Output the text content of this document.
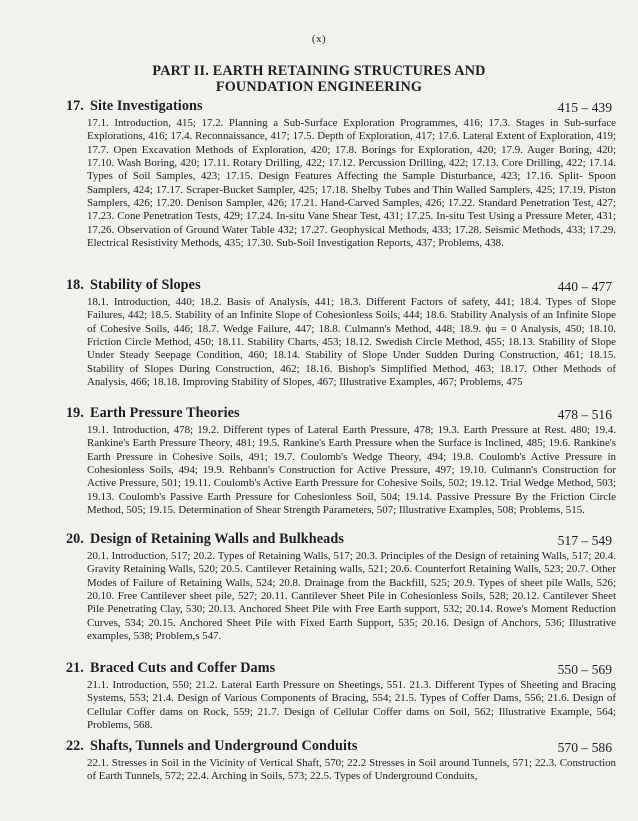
(x)
PART II. EARTH RETAINING STRUCTURES AND
FOUNDATION ENGINEERING
17. Site Investigations	415 – 439
17.1. Introduction, 415; 17.2. Planning a Sub-Surface Exploration Programmes, 416; 17.3. Stages in Sub-surface Explorations, 416; 17.4. Reconnaissance, 417; 17.5. Depth of Exploration, 417; 17.6. Lateral Extent of Exploration, 419; 17.7. Open Excavation Methods of Exploration, 420; 17.8. Borings for Exploration, 420; 17.9. Auger Boring, 420; 17.10. Wash Boring, 420; 17.11. Rotary Drilling, 422; 17.12. Percussion Drilling, 422; 17.13. Core Drilling, 422; 17.14. Types of Soil Samples, 423; 17.15. Design Features Affecting the Sample Disturbance, 423; 17.16. Split- Spoon Samplers, 424; 17.17. Scraper-Bucket Sampler, 425; 17.18. Shelby Tubes and Thin Walled Samplers, 425; 17.19. Piston Samplers, 426; 17.20. Denison Sampler, 426; 17.21. Hand-Carved Samples, 426; 17.22. Standard Penetration Test, 427; 17.23. Cone Penetration Tests, 429; 17.24. In-situ Vane Shear Test, 431; 17.25. In-situ Test Using a Pressure Meter, 431; 17.26. Observation of Ground Water Table 432; 17.27. Geophysical Methods, 433; 17.28. Seismic Methods, 433; 17.29. Electrical Resistivity Methods, 435; 17.30. Sub-Soil Investigation Reports, 437; Problems, 438.
18. Stability of Slopes	440 – 477
18.1. Introduction, 440; 18.2. Basis of Analysis, 441; 18.3. Different Factors of safety, 441; 18.4. Types of Slope Failures, 442; 18.5. Stability of an Infinite Slope of Cohesionless Soils, 444; 18.6. Stability Analysis of an Infinite Slope of Cohesive Soils, 446; 18.7. Wedge Failure, 447; 18.8. Culmann's Method, 448; 18.9. ϕu = 0 Analysis, 450; 18.10. Friction Circle Method, 450; 18.11. Stability Charts, 453; 18.12. Swedish Circle Method, 455; 18.13. Stability of Slope Under Steady Seepage Condition, 460; 18.14. Stability of Slope Under Sudden During Construction, 461; 18.15. Stability of Slopes During Construction, 462; 18.16. Bishop's Simplified Method, 463; 18.17. Other Methods of Analysis, 466; 18.18. Improving Stability of Slopes, 467; Illustrative Examples, 467; Problems, 475
19. Earth Pressure Theories	478 – 516
19.1. Introduction, 478; 19.2. Different types of Lateral Earth Pressure, 478; 19.3. Earth Pressure at Rest. 480; 19.4. Rankine's Earth Pressure Theory, 481; 19.5. Rankine's Earth Pressure when the Surface is Inclined, 485; 19.6. Rankine's Earth Pressure in Cohesive Soils, 491; 19.7. Coulomb's Wedge Theory, 494; 19.8. Coulomb's Active Pressure in Cohesionless Soils, 494; 19.9. Rehbann's Construction for Active Pressure, 497; 19.10. Culmann's Construction for Active Pressure, 501; 19.11. Coulomb's Active Earth Pressure for Cohesive Soils, 502; 19.12. Trial Wedge Method, 503; 19.13. Coulomb's Passive Earth Pressure for Cohesionless Soil, 504; 19.14. Passive Pressure By the Friction Circle Method, 505; 19.15. Determination of Shear Strength Parameters, 507; Illustrative Examples, 508; Problems, 515.
20. Design of Retaining Walls and Bulkheads	517 – 549
20.1. Introduction, 517; 20.2. Types of Retaining Walls, 517; 20.3. Principles of the Design of retaining Walls, 517; 20.4. Gravity Retaining Walls, 520; 20.5. Cantilever Retaining walls, 521; 20.6. Counterfort Retaining Walls, 523; 20.7. Other Modes of Failure of Retaining Walls, 524; 20.8. Drainage from the Backfill, 525; 20.9. Types of sheet pile Walls, 526; 20.10. Free Cantilever sheet pile, 527; 20.11. Cantilever Sheet Pile in Cohesionless Soils, 528; 20.12. Cantilever Sheet Pile Penetrating Clay, 530; 20.13. Anchored Sheet Pile with Free Earth support, 532; 20.14. Rowe's Moment Reduction Curves, 534; 20.15. Anchored Sheet Pile with Fixed Earth Support, 535; 20.16. Design of Anchors, 536; Illustrative examples, 538; Problem,s 547.
21. Braced Cuts and Coffer Dams	550 – 569
21.1. Introduction, 550; 21.2. Lateral Earth Pressure on Sheetings, 551. 21.3. Different Types of Sheeting and Bracing Systems, 553; 21.4. Design of Various Components of Bracing, 554; 21.5. Types of Coffer Dams, 556; 21.6. Design of Cellular Coffer dams on Rock, 559; 21.7. Design of Cellular Coffer dams on Soil, 562; Illustrative Example, 564; Problems, 568.
22. Shafts, Tunnels and Underground Conduits	570 – 586
22.1. Stresses in Soil in the Vicinity of Vertical Shaft, 570; 22.2 Stresses in Soil around Tunnels, 571; 22.3. Construction of Earth Tunnels, 572; 22.4. Arching in Soils, 573; 22.5. Types of Underground Conduits,
